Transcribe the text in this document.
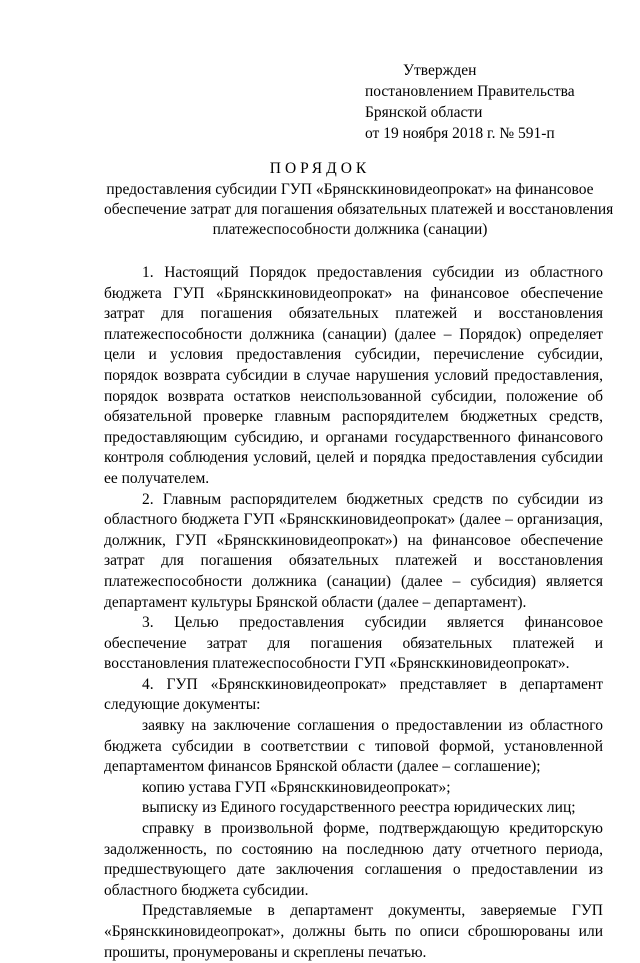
Утвержден
постановлением Правительства
Брянской области
от 19 ноября 2018 г. № 591-п
ПОРЯДОК
предоставления субсидии ГУП «Брянсккиновидеопрокат» на финансовое
обеспечение затрат для погашения обязательных платежей и восстановления
платежеспособности должника (санации)

1. Настоящий Порядок предоставления субсидии из областного бюджета ГУП «Брянсккиновидеопрокат» на финансовое обеспечение затрат для погашения обязательных платежей и восстановления платежеспособности должника (санации) (далее – Порядок) определяет цели и условия предоставления субсидии, перечисление субсидии, порядок возврата субсидии в случае нарушения условий предоставления, порядок возврата остатков неиспользованной субсидии, положение об обязательной проверке главным распорядителем бюджетных средств, предоставляющим субсидию, и органами государственного финансового контроля соблюдения условий, целей и порядка предоставления субсидии ее получателем.

2. Главным распорядителем бюджетных средств по субсидии из областного бюджета ГУП «Брянсккиновидеопрокат» (далее – организация, должник, ГУП «Брянсккиновидеопрокат») на финансовое обеспечение затрат для погашения обязательных платежей и восстановления платежеспособности должника (санации) (далее – субсидия) является департамент культуры Брянской области (далее – департамент).

3. Целью предоставления субсидии является финансовое обеспечение затрат для погашения обязательных платежей и восстановления платежеспособности ГУП «Брянсккиновидеопрокат».

4. ГУП «Брянсккиновидеопрокат» представляет в департамент следующие документы:

заявку на заключение соглашения о предоставлении из областного бюджета субсидии в соответствии с типовой формой, установленной департаментом финансов Брянской области (далее – соглашение);

копию устава ГУП «Брянсккиновидеопрокат»;

выписку из Единого государственного реестра юридических лиц;

справку в произвольной форме, подтверждающую кредиторскую задолженность, по состоянию на последнюю дату отчетного периода, предшествующего дате заключения соглашения о предоставлении из областного бюджета субсидии.

Представляемые в департамент документы, заверяемые ГУП «Брянсккиновидеопрокат», должны быть по описи сброшюрованы или прошиты, пронумерованы и скреплены печатью.
